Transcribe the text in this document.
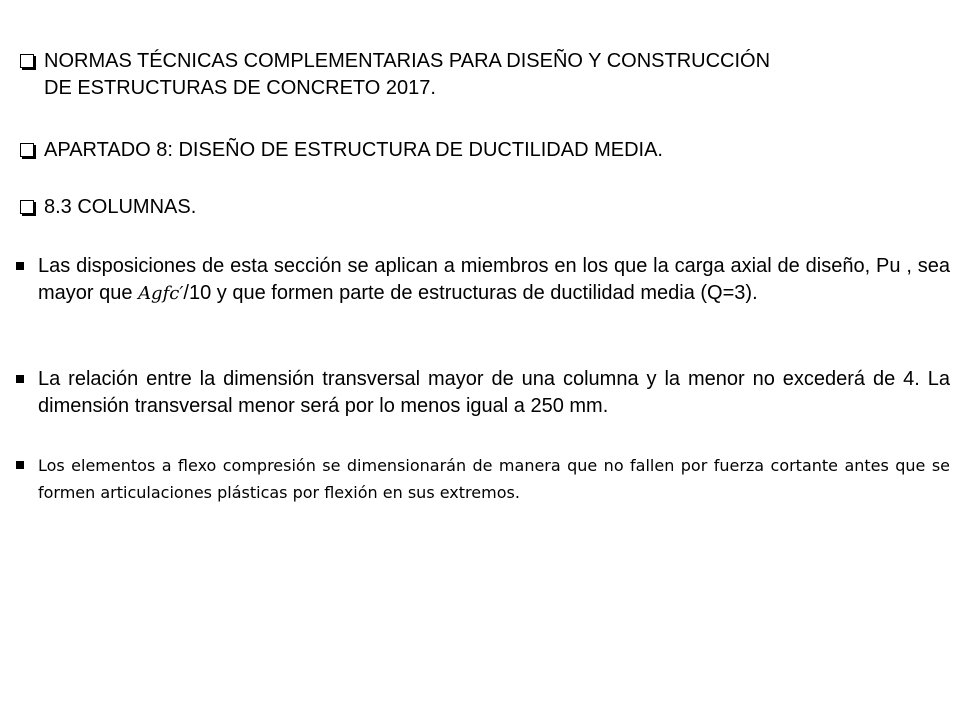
NORMAS TÉCNICAS COMPLEMENTARIAS PARA DISEÑO Y CONSTRUCCIÓN
DE ESTRUCTURAS DE CONCRETO 2017.
APARTADO 8: DISEÑO DE ESTRUCTURA DE DUCTILIDAD MEDIA.
8.3 COLUMNAS.
Las disposiciones de esta sección se aplican a miembros en los que la carga axial de diseño, Pu , sea mayor que Agfc′/10 y que formen parte de estructuras de ductilidad media (Q=3).
La relación entre la dimensión transversal mayor de una columna y la menor no excederá de 4. La dimensión transversal menor será por lo menos igual a 250 mm.
Los elementos a flexo compresión se dimensionarán de manera que no fallen por fuerza cortante antes que se formen articulaciones plásticas por flexión en sus extremos.
